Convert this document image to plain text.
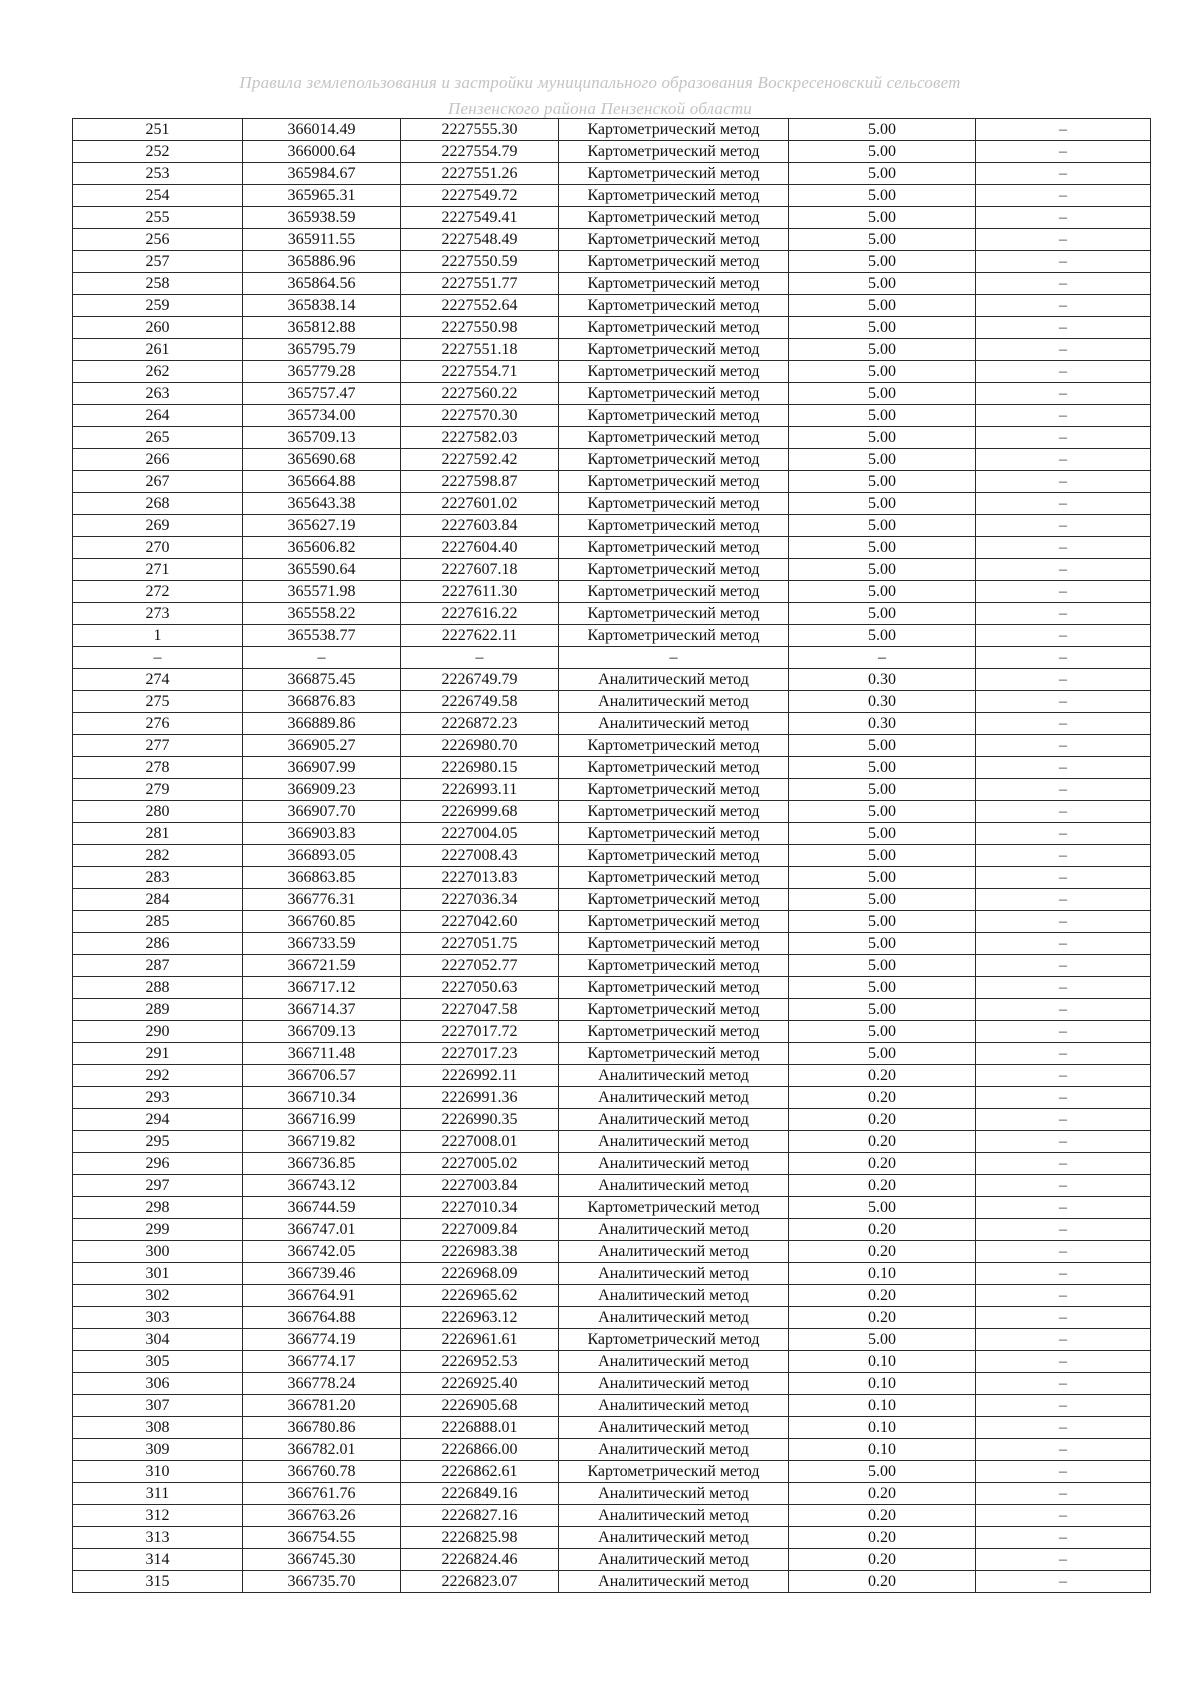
Правила землепользования и застройки муниципального образования Воскресеновский сельсовет
Пензенского района Пензенской области
251	366014.49	2227555.30	Картометрический метод	5.00	–
252	366000.64	2227554.79	Картометрический метод	5.00	–
253	365984.67	2227551.26	Картометрический метод	5.00	–
254	365965.31	2227549.72	Картометрический метод	5.00	–
255	365938.59	2227549.41	Картометрический метод	5.00	–
256	365911.55	2227548.49	Картометрический метод	5.00	–
257	365886.96	2227550.59	Картометрический метод	5.00	–
258	365864.56	2227551.77	Картометрический метод	5.00	–
259	365838.14	2227552.64	Картометрический метод	5.00	–
260	365812.88	2227550.98	Картометрический метод	5.00	–
261	365795.79	2227551.18	Картометрический метод	5.00	–
262	365779.28	2227554.71	Картометрический метод	5.00	–
263	365757.47	2227560.22	Картометрический метод	5.00	–
264	365734.00	2227570.30	Картометрический метод	5.00	–
265	365709.13	2227582.03	Картометрический метод	5.00	–
266	365690.68	2227592.42	Картометрический метод	5.00	–
267	365664.88	2227598.87	Картометрический метод	5.00	–
268	365643.38	2227601.02	Картометрический метод	5.00	–
269	365627.19	2227603.84	Картометрический метод	5.00	–
270	365606.82	2227604.40	Картометрический метод	5.00	–
271	365590.64	2227607.18	Картометрический метод	5.00	–
272	365571.98	2227611.30	Картометрический метод	5.00	–
273	365558.22	2227616.22	Картометрический метод	5.00	–
1	365538.77	2227622.11	Картометрический метод	5.00	–
–	–	–	–	–	–
274	366875.45	2226749.79	Аналитический метод	0.30	–
275	366876.83	2226749.58	Аналитический метод	0.30	–
276	366889.86	2226872.23	Аналитический метод	0.30	–
277	366905.27	2226980.70	Картометрический метод	5.00	–
278	366907.99	2226980.15	Картометрический метод	5.00	–
279	366909.23	2226993.11	Картометрический метод	5.00	–
280	366907.70	2226999.68	Картометрический метод	5.00	–
281	366903.83	2227004.05	Картометрический метод	5.00	–
282	366893.05	2227008.43	Картометрический метод	5.00	–
283	366863.85	2227013.83	Картометрический метод	5.00	–
284	366776.31	2227036.34	Картометрический метод	5.00	–
285	366760.85	2227042.60	Картометрический метод	5.00	–
286	366733.59	2227051.75	Картометрический метод	5.00	–
287	366721.59	2227052.77	Картометрический метод	5.00	–
288	366717.12	2227050.63	Картометрический метод	5.00	–
289	366714.37	2227047.58	Картометрический метод	5.00	–
290	366709.13	2227017.72	Картометрический метод	5.00	–
291	366711.48	2227017.23	Картометрический метод	5.00	–
292	366706.57	2226992.11	Аналитический метод	0.20	–
293	366710.34	2226991.36	Аналитический метод	0.20	–
294	366716.99	2226990.35	Аналитический метод	0.20	–
295	366719.82	2227008.01	Аналитический метод	0.20	–
296	366736.85	2227005.02	Аналитический метод	0.20	–
297	366743.12	2227003.84	Аналитический метод	0.20	–
298	366744.59	2227010.34	Картометрический метод	5.00	–
299	366747.01	2227009.84	Аналитический метод	0.20	–
300	366742.05	2226983.38	Аналитический метод	0.20	–
301	366739.46	2226968.09	Аналитический метод	0.10	–
302	366764.91	2226965.62	Аналитический метод	0.20	–
303	366764.88	2226963.12	Аналитический метод	0.20	–
304	366774.19	2226961.61	Картометрический метод	5.00	–
305	366774.17	2226952.53	Аналитический метод	0.10	–
306	366778.24	2226925.40	Аналитический метод	0.10	–
307	366781.20	2226905.68	Аналитический метод	0.10	–
308	366780.86	2226888.01	Аналитический метод	0.10	–
309	366782.01	2226866.00	Аналитический метод	0.10	–
310	366760.78	2226862.61	Картометрический метод	5.00	–
311	366761.76	2226849.16	Аналитический метод	0.20	–
312	366763.26	2226827.16	Аналитический метод	0.20	–
313	366754.55	2226825.98	Аналитический метод	0.20	–
314	366745.30	2226824.46	Аналитический метод	0.20	–
315	366735.70	2226823.07	Аналитический метод	0.20	–
